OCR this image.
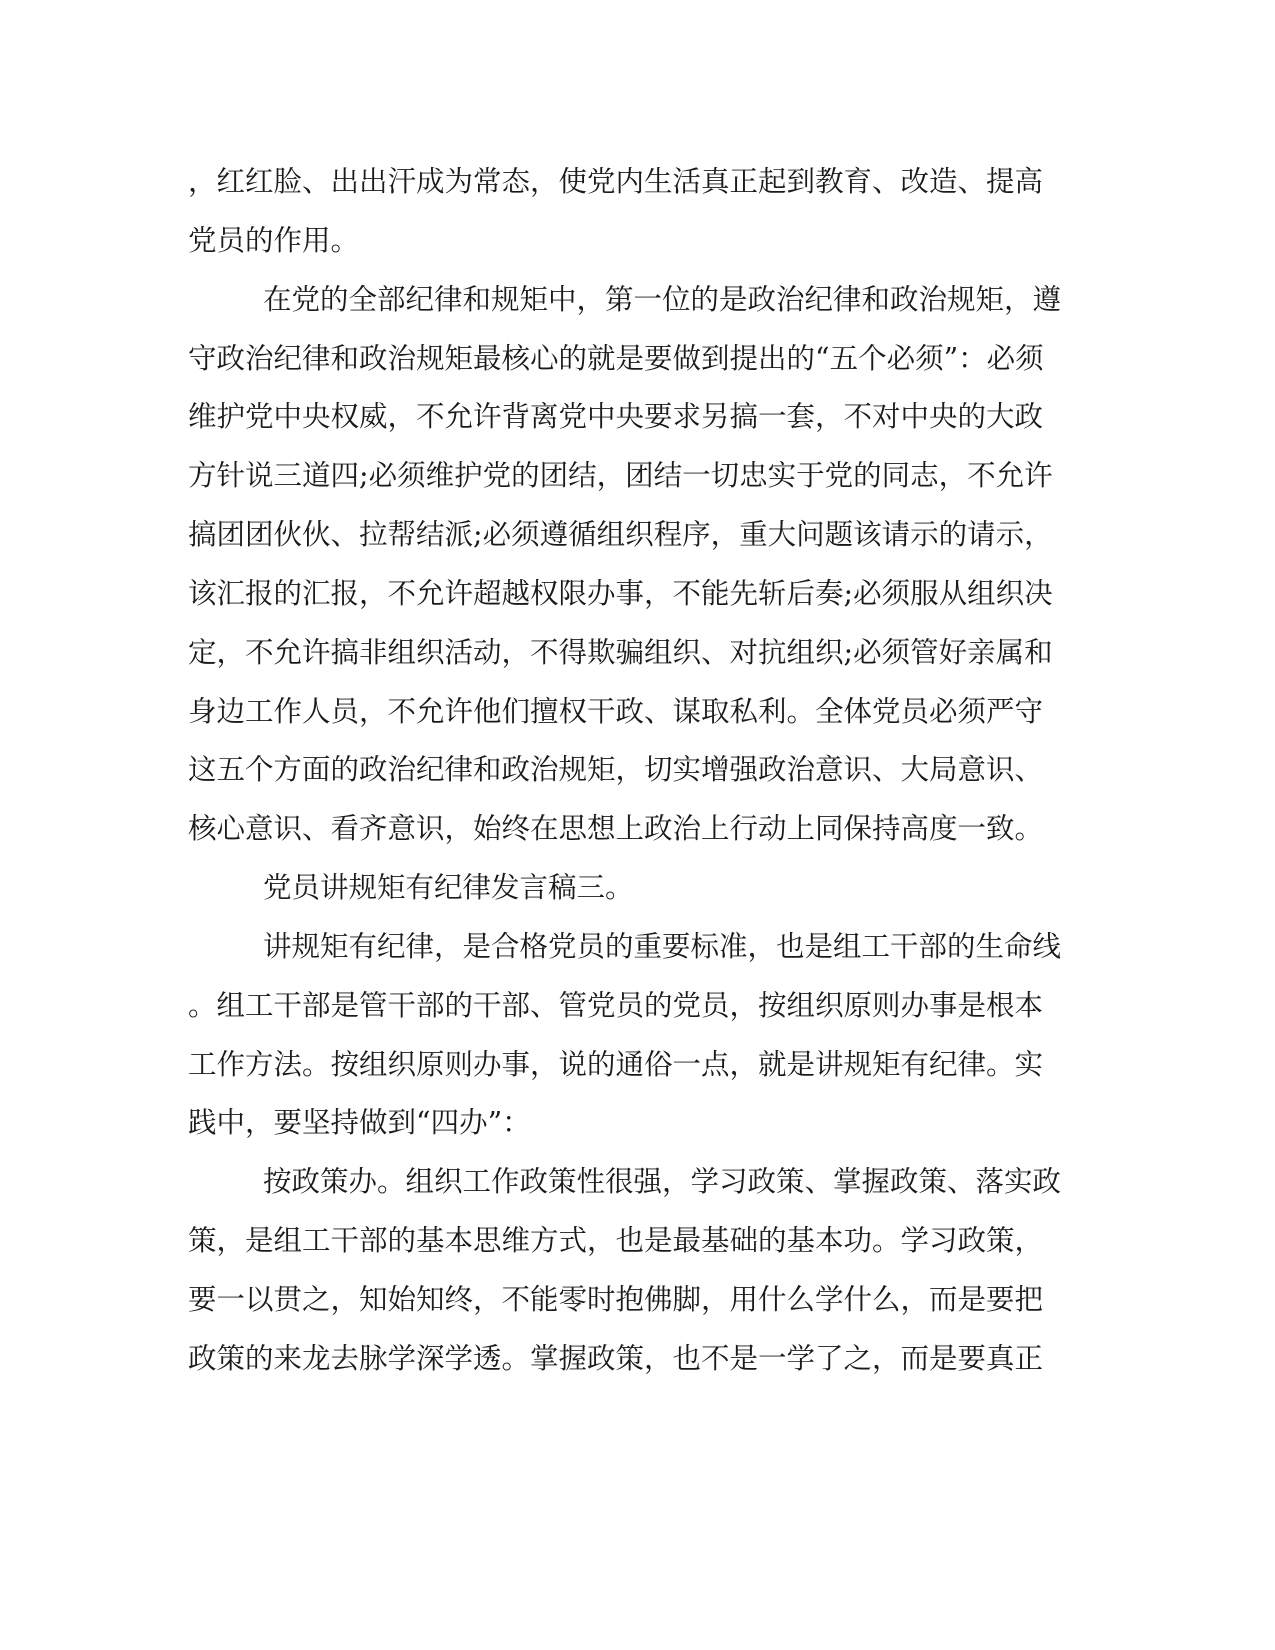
，红红脸、出出汗成为常态，使党内生活真正起到教育、改造、提高

党员的作用。

在党的全部纪律和规矩中，第一位的是政治纪律和政治规矩，遵

守政治纪律和政治规矩最核心的就是要做到提出的“五个必须”：必须

维护党中央权威，不允许背离党中央要求另搞一套，不对中央的大政

方针说三道四;必须维护党的团结，团结一切忠实于党的同志，不允许

搞团团伙伙、拉帮结派;必须遵循组织程序，重大问题该请示的请示，

该汇报的汇报，不允许超越权限办事，不能先斩后奏;必须服从组织决

定，不允许搞非组织活动，不得欺骗组织、对抗组织;必须管好亲属和

身边工作人员，不允许他们擅权干政、谋取私利。全体党员必须严守

这五个方面的政治纪律和政治规矩，切实增强政治意识、大局意识、

核心意识、看齐意识，始终在思想上政治上行动上同保持高度一致。

党员讲规矩有纪律发言稿三。

讲规矩有纪律，是合格党员的重要标准，也是组工干部的生命线

。组工干部是管干部的干部、管党员的党员，按组织原则办事是根本

工作方法。按组织原则办事，说的通俗一点，就是讲规矩有纪律。实

践中，要坚持做到“四办”：

按政策办。组织工作政策性很强，学习政策、掌握政策、落实政

策，是组工干部的基本思维方式，也是最基础的基本功。学习政策，

要一以贯之，知始知终，不能零时抱佛脚，用什么学什么，而是要把

政策的来龙去脉学深学透。掌握政策，也不是一学了之，而是要真正
